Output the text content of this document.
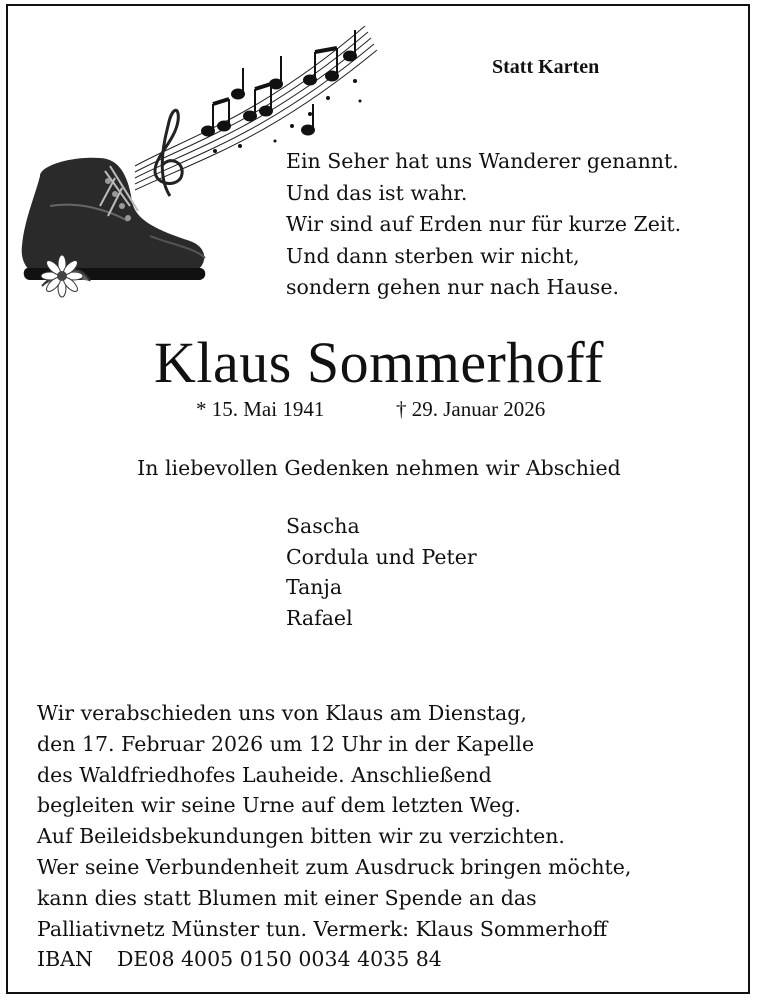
Statt Karten
Ein Seher hat uns Wanderer genannt.
Und das ist wahr.
Wir sind auf Erden nur für kurze Zeit.
Und dann sterben wir nicht,
sondern gehen nur nach Hause.
Klaus Sommerhoff
* 15. Mai 1941	† 29. Januar 2026
In liebevollen Gedenken nehmen wir Abschied
Sascha
Cordula und Peter
Tanja
Rafael
Wir verabschieden uns von Klaus am Dienstag,
den 17. Februar 2026 um 12 Uhr in der Kapelle
des Waldfriedhofes Lauheide. Anschließend
begleiten wir seine Urne auf dem letzten Weg.
Auf Beileidsbekundungen bitten wir zu verzichten.
Wer seine Verbundenheit zum Ausdruck bringen möchte,
kann dies statt Blumen mit einer Spende an das
Palliativnetz Münster tun. Vermerk: Klaus Sommerhoff
IBAN DE08 4005 0150 0034 4035 84
